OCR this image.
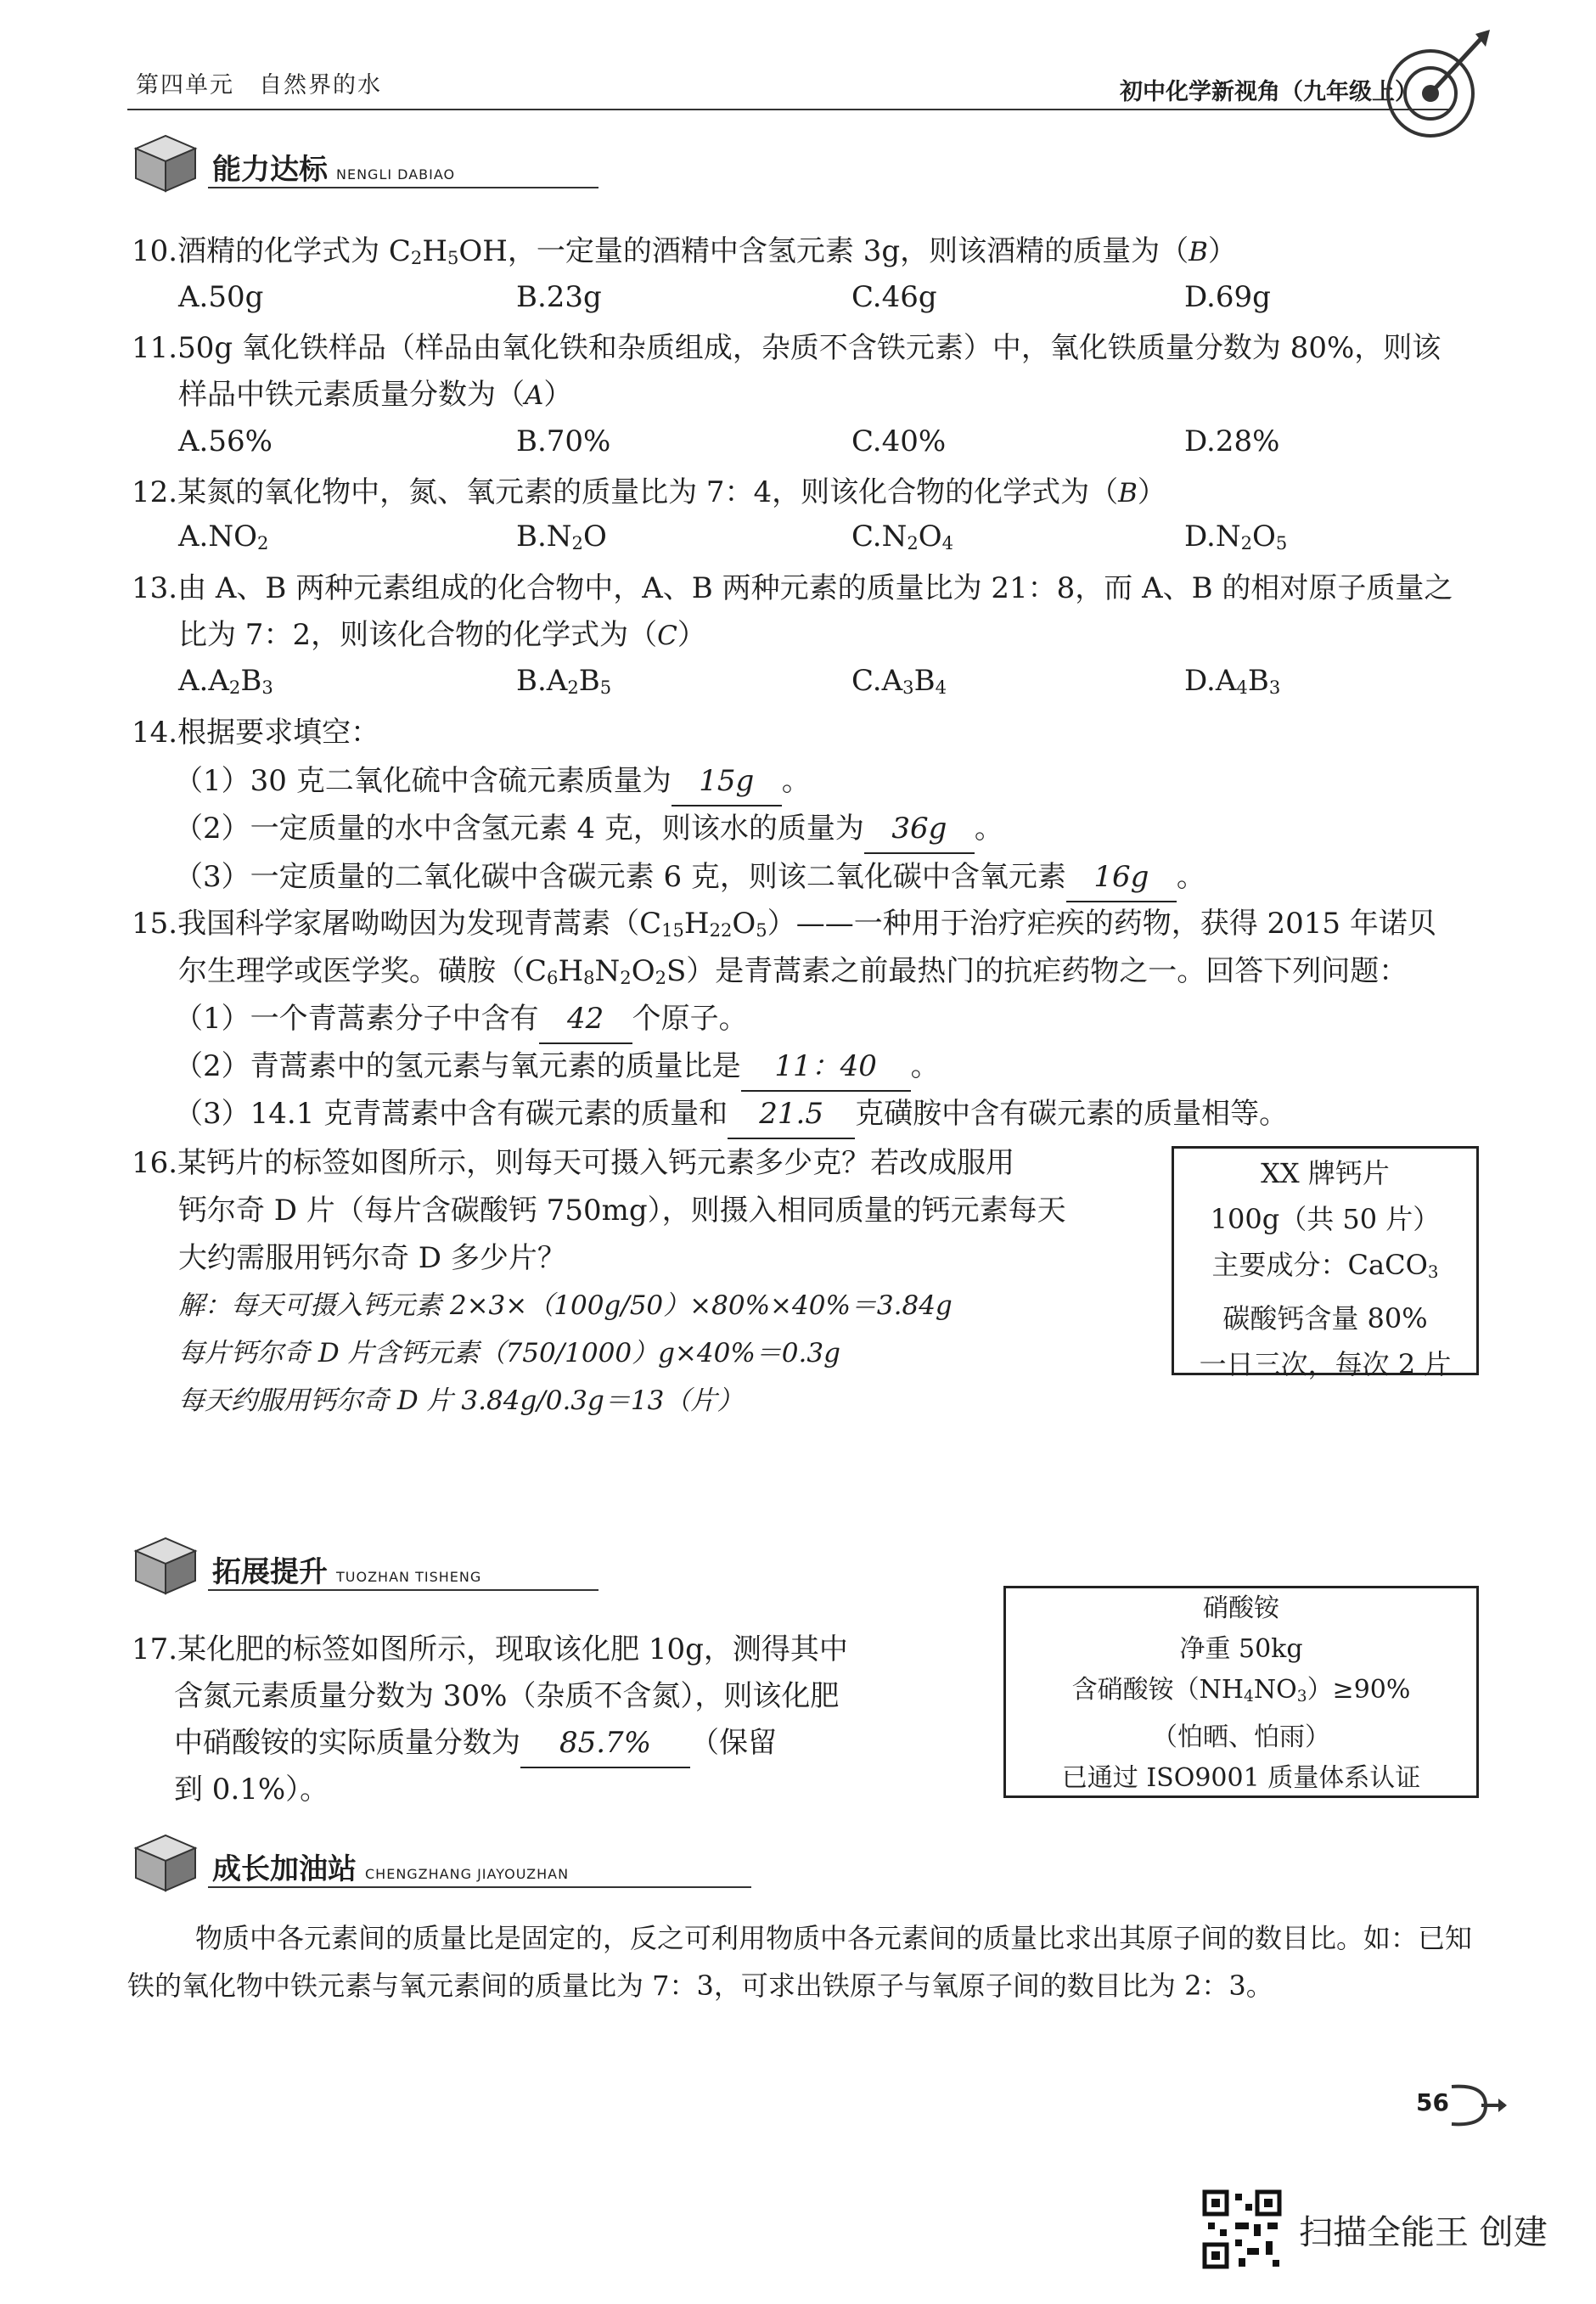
第四单元　自然界的水	初中化学新视角（九年级上）
能力达标 NENGLI DABIAO
10.酒精的化学式为 $C_2H_5OH$，一定量的酒精中含氢元素 3g，则该酒精的质量为（B）
A.50g	B.23g	C.46g	D.69g
11.50g 氧化铁样品（样品由氧化铁和杂质组成，杂质不含铁元素）中，氧化铁质量分数为 80%，则该
样品中铁元素质量分数为（A）
A.56%	B.70%	C.40%	D.28%
12.某氮的氧化物中，氮、氧元素的质量比为 7：4，则该化合物的化学式为（B）
$A.NO_2$	$B.N_2O$	$C.N_2O_4$	$D.N_2O_5$
13.由 A、B 两种元素组成的化合物中，A、B 两种元素的质量比为 21：8，而 A、B 的相对原子质量之
比为 7：2，则该化合物的化学式为（C）
$A.A_2B_3$	$B.A_2B_5$	$C.A_3B_4$	$D.A_4B_3$
14.根据要求填空：
（1）30 克二氧化硫中含硫元素质量为 15g 。
（2）一定质量的水中含氢元素 4 克，则该水的质量为 36g 。
（3）一定质量的二氧化碳中含碳元素 6 克，则该二氧化碳中含氧元素 16g 。
15.我国科学家屠呦呦因为发现青蒿素$(C_{15}H_{22}O_5)——$一种用于治疗疟疾的药物，获得 2015 年诺贝
尔生理学或医学奖。磺胺$(C_6H_8N_2O_2S)$是青蒿素之前最热门的抗疟药物之一。回答下列问题：
（1）一个青蒿素分子中含有 42 个原子。
（2）青蒿素中的氢元素与氧元素的质量比是 11：40 。
（3）14.1 克青蒿素中含有碳元素的质量和 21.5 克磺胺中含有碳元素的质量相等。
16.某钙片的标签如图所示，则每天可摄入钙元素多少克？若改成服用
钙尔奇 D 片（每片含碳酸钙 750mg），则摄入相同质量的钙元素每天
大约需服用钙尔奇 D 多少片？
解：每天可摄入钙元素 2×3×（100g/50）×80%×40%＝3.84g
每片钙尔奇 D 片含钙元素（750/1000）g×40%＝0.3g
每天约服用钙尔奇 D 片 3.84g/0.3g＝13（片）
XX 牌钙片
100g（共 50 片）
主要成分：CaCO$_3$
碳酸钙含量 80%
一日三次，每次 2 片
拓展提升 TUOZHAN TISHENG
17.某化肥的标签如图所示，现取该化肥 10g，测得其中
含氮元素质量分数为 30%（杂质不含氮），则该化肥
中硝酸铵的实际质量分数为 85.7% （保留
到 0.1%）。
硝酸铵
净重 50kg
含硝酸铵$(NH_4NO_3)\ge 90\%$
（怕晒、怕雨）
已通过 ISO9001 质量体系认证
成长加油站 CHENGZHANG JIAYOUZHAN
物质中各元素间的质量比是固定的，反之可利用物质中各元素间的质量比求出其原子间的数目比。如：已知铁的氧化物中铁元素与氧元素间的质量比为 7：3，可求出铁原子与氧原子间的数目比为 2：3。
56
扫描全能王 创建
